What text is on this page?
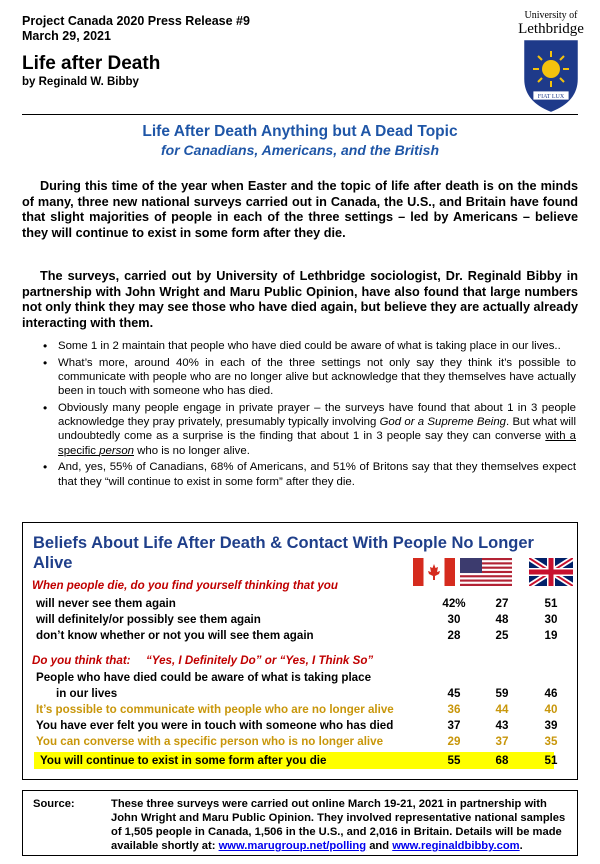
Project Canada 2020 Press Release #9
March 29, 2021
Life after Death
by Reginald W. Bibby
University of
Lethbridge
FIAT LUX
Life After Death Anything but A Dead Topic
for Canadians, Americans, and the British

During this time of the year when Easter and the topic of life after death is on the minds of many, three new national surveys carried out in Canada, the U.S., and Britain have found that slight majorities of people in each of the three settings – led by Americans – believe they will continue to exist in some form after they die.

The surveys, carried out by University of Lethbridge sociologist, Dr. Reginald Bibby in partnership with John Wright and Maru Public Opinion, have also found that large numbers not only think they may see those who have died again, but believe they are actually already interacting with them.

• Some 1 in 2 maintain that people who have died could be aware of what is taking place in our lives..
• What’s more, around 40% in each of the three settings not only say they think it’s possible to communicate with people who are no longer alive but acknowledge that they themselves have actually been in touch with someone who has died.
• Obviously many people engage in private prayer – the surveys have found that about 1 in 3 people acknowledge they pray privately, presumably typically involving God or a Supreme Being. But what will undoubtedly come as a surprise is the finding that about 1 in 3 people say they can converse with a specific person who is no longer alive.
• And, yes, 55% of Canadians, 68% of Americans, and 51% of Britons say that they themselves expect that they “will continue to exist in some form” after they die.
Beliefs About Life After Death & Contact With People No Longer Alive
When people die, do you find yourself thinking that you
will never see them again	42%	27	51
will definitely/or possibly see them again	30	48	30
don’t know whether or not you will see them again	28	25	19
Do you think that: “Yes, I Definitely Do” or “Yes, I Think So”
People who have died could be aware of what is taking place
in our lives	45	59	46
It’s possible to communicate with people who are no longer alive	36	44	40
You have ever felt you were in touch with someone who has died	37	43	39
You can converse with a specific person who is no longer alive	29	37	35
You will continue to exist in some form after you die	55	68	51
Source:	These three surveys were carried out online March 19-21, 2021 in partnership with John Wright and Maru Public Opinion. They involved representative national samples of 1,505 people in Canada, 1,506 in the U.S., and 2,016 in Britain. Details will be made available shortly at: www.marugroup.net/polling and www.reginaldbibby.com.
